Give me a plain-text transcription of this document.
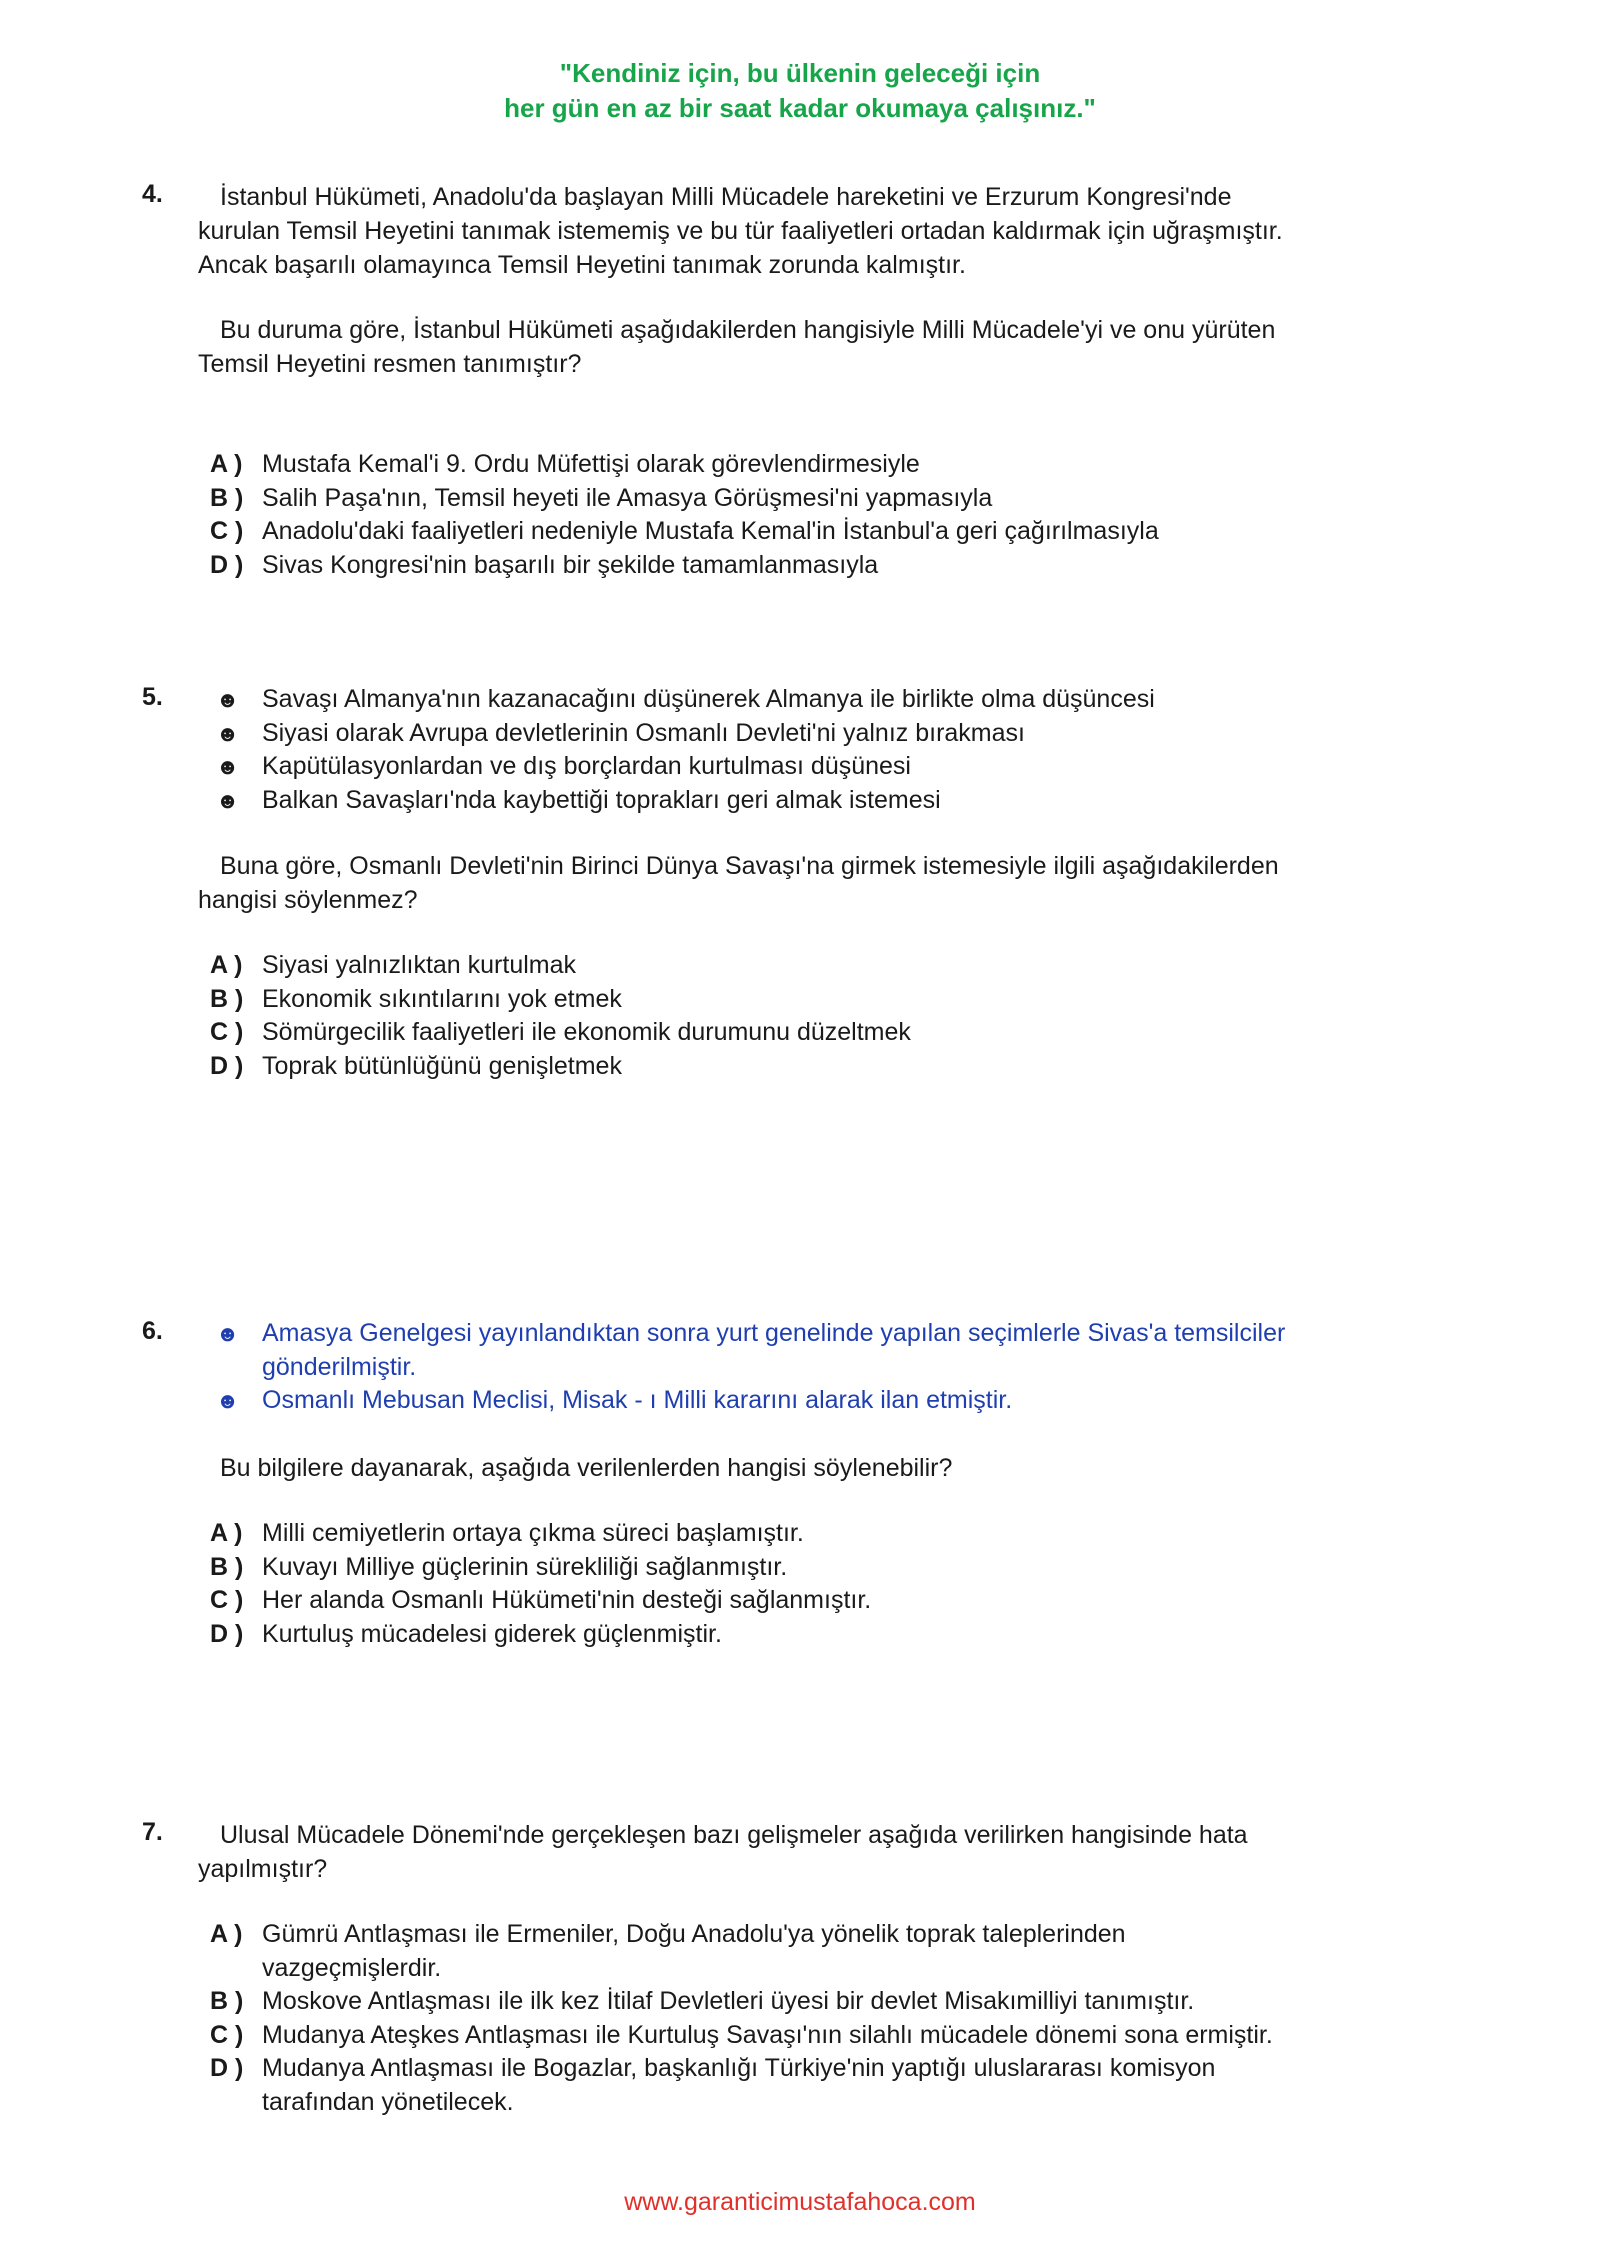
"Kendiniz için, bu ülkenin geleceği için
her gün en az bir saat kadar okumaya çalışınız."
4.	İstanbul Hükümeti, Anadolu'da başlayan Milli Mücadele hareketini ve Erzurum Kongresi'nde
kurulan Temsil Heyetini tanımak istememiş ve bu tür faaliyetleri ortadan kaldırmak için uğraşmıştır.
Ancak başarılı olamayınca Temsil Heyetini tanımak zorunda kalmıştır.
Bu duruma göre, İstanbul Hükümeti aşağıdakilerden hangisiyle Milli Mücadele'yi ve onu yürüten
Temsil Heyetini resmen tanımıştır?
A ) Mustafa Kemal'i 9. Ordu Müfettişi olarak görevlendirmesiyle
B ) Salih Paşa'nın, Temsil heyeti ile Amasya Görüşmesi'ni yapmasıyla
C ) Anadolu'daki faaliyetleri nedeniyle Mustafa Kemal'in İstanbul'a geri çağırılmasıyla
D ) Sivas Kongresi'nin başarılı bir şekilde tamamlanmasıyla
5. ☻ Savaşı Almanya'nın kazanacağını düşünerek Almanya ile birlikte olma düşüncesi
☻ Siyasi olarak Avrupa devletlerinin Osmanlı Devleti'ni yalnız bırakması
☻ Kapütülasyonlardan ve dış borçlardan kurtulması düşünesi
☻ Balkan Savaşları'nda kaybettiği toprakları geri almak istemesi
Buna göre, Osmanlı Devleti'nin Birinci Dünya Savaşı'na girmek istemesiyle ilgili aşağıdakilerden
hangisi söylenmez?
A ) Siyasi yalnızlıktan kurtulmak
B ) Ekonomik sıkıntılarını yok etmek
C ) Sömürgecilik faaliyetleri ile ekonomik durumunu düzeltmek
D ) Toprak bütünlüğünü genişletmek
6. ☻ Amasya Genelgesi yayınlandıktan sonra yurt genelinde yapılan seçimlerle Sivas'a temsilciler
gönderilmiştir.
☻ Osmanlı Mebusan Meclisi, Misak - ı Milli kararını alarak ilan etmiştir.
Bu bilgilere dayanarak, aşağıda verilenlerden hangisi söylenebilir?
A ) Milli cemiyetlerin ortaya çıkma süreci başlamıştır.
B ) Kuvayı Milliye güçlerinin sürekliliği sağlanmıştır.
C ) Her alanda Osmanlı Hükümeti'nin desteği sağlanmıştır.
D ) Kurtuluş mücadelesi giderek güçlenmiştir.
7.	Ulusal Mücadele Dönemi'nde gerçekleşen bazı gelişmeler aşağıda verilirken hangisinde hata
yapılmıştır?
A ) Gümrü Antlaşması ile Ermeniler, Doğu Anadolu'ya yönelik toprak taleplerinden
vazgeçmişlerdir.
B ) Moskove Antlaşması ile ilk kez İtilaf Devletleri üyesi bir devlet Misakımilliyi tanımıştır.
C ) Mudanya Ateşkes Antlaşması ile Kurtuluş Savaşı'nın silahlı mücadele dönemi sona ermiştir.
D ) Mudanya Antlaşması ile Bogazlar, başkanlığı Türkiye'nin yaptığı uluslararası komisyon
tarafından yönetilecek.
www.garanticimustafahoca.com
